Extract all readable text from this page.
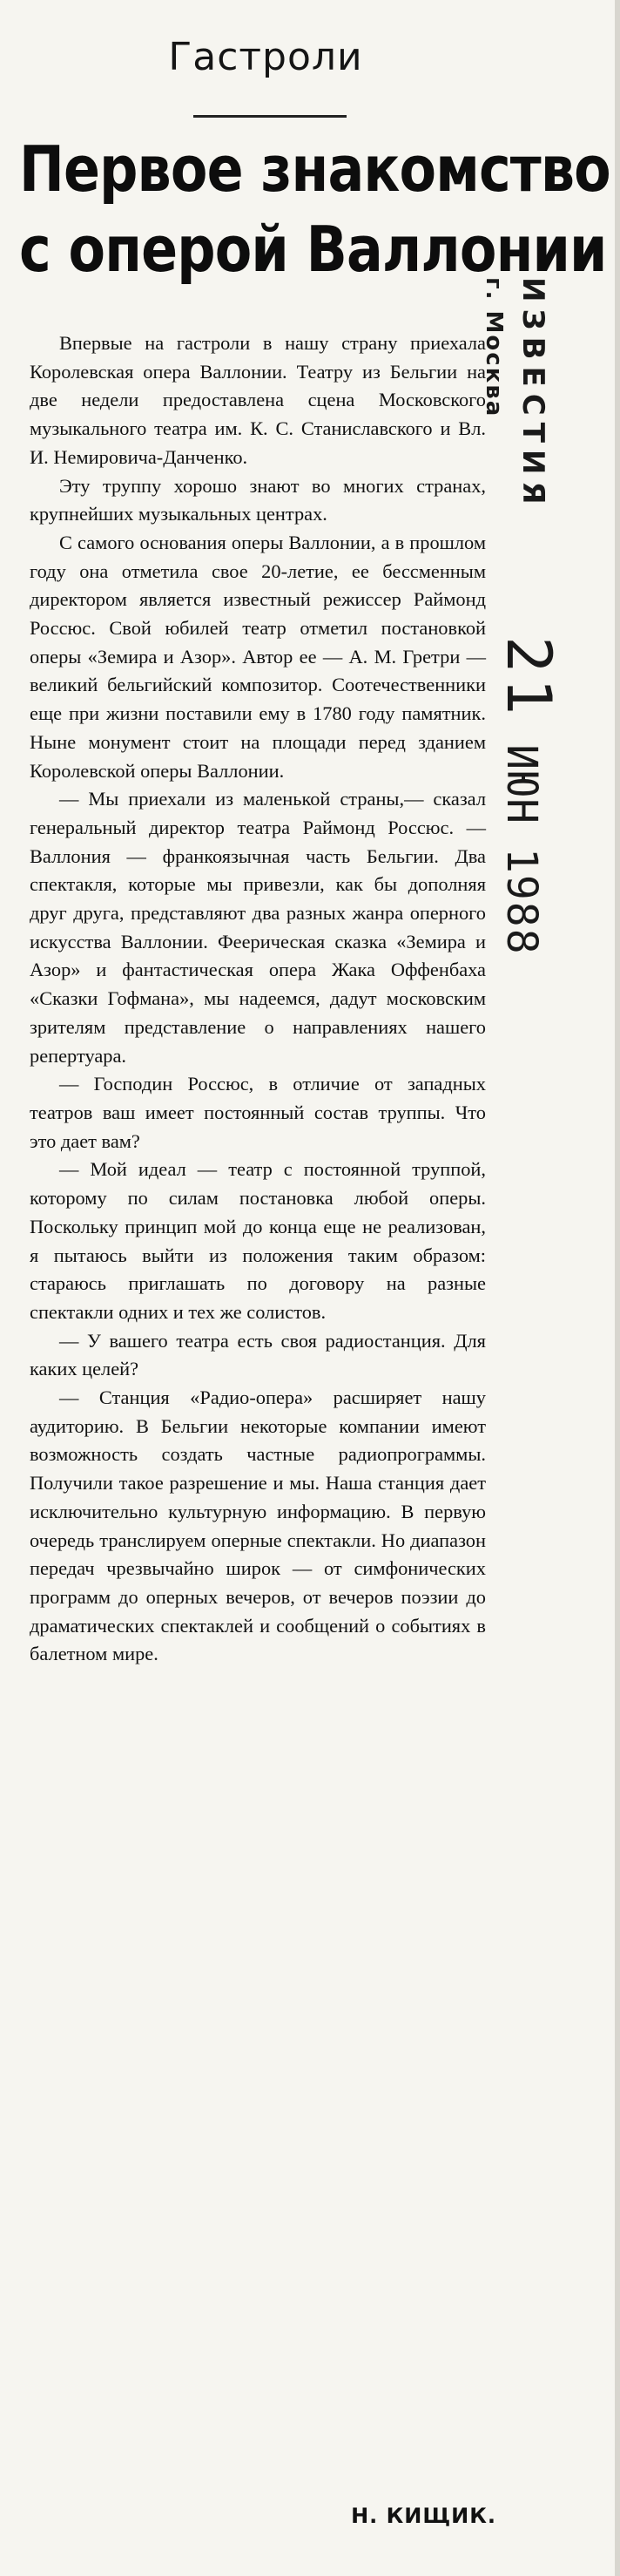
Гастроли
Первое знакомство
с оперой Валлонии
ИЗВЕСТИЯ
г. Москва
21ИЮН1988

Впервые на гастроли в нашу страну приехала Королевская опера Валлонии. Театру из Бельгии на две недели предоставлена сцена Московского музыкального театра им. К. С. Станиславского и Вл. И. Немировича-Данченко.

Эту труппу хорошо знают во многих странах, крупнейших музыкальных центрах.

С самого основания оперы Валлонии, а в прошлом году она отметила свое 20-летие, ее бессменным директором является известный режиссер Раймонд Россюс. Свой юбилей театр отметил постановкой оперы «Земира и Азор». Автор ее — А. М. Гретри — великий бельгийский композитор. Соотечественники еще при жизни поставили ему в 1780 году памятник. Ныне монумент стоит на площади перед зданием Королевской оперы Валлонии.

— Мы приехали из маленькой страны,— сказал генеральный директор театра Раймонд Россюс. — Валлония — франкоязычная часть Бельгии. Два спектакля, которые мы привезли, как бы дополняя друг друга, представляют два разных жанра оперного искусства Валлонии. Феерическая сказка «Земира и Азор» и фантастическая опера Жака Оффенбаха «Сказки Гофмана», мы надеемся, дадут московским зрителям представление о направлениях нашего репертуара.

— Господин Россюс, в отличие от западных театров ваш имеет постоянный состав труппы. Что это дает вам?

— Мой идеал — театр с постоянной труппой, которому по силам постановка любой оперы. Поскольку принцип мой до конца еще не реализован, я пытаюсь выйти из положения таким образом: стараюсь приглашать по договору на разные спектакли одних и тех же солистов.

— У вашего театра есть своя радиостанция. Для каких целей?

— Станция «Радио-опера» расширяет нашу аудиторию. В Бельгии некоторые компании имеют возможность создать частные радиопрограммы. Получили такое разрешение и мы. Наша станция дает исключительно культурную информацию. В первую очередь транслируем оперные спектакли. Но диапазон передач чрезвычайно широк — от симфонических программ до оперных вечеров, от вечеров поэзии до драматических спектаклей и сообщений о событиях в балетном мире.

Н. КИЩИК.
